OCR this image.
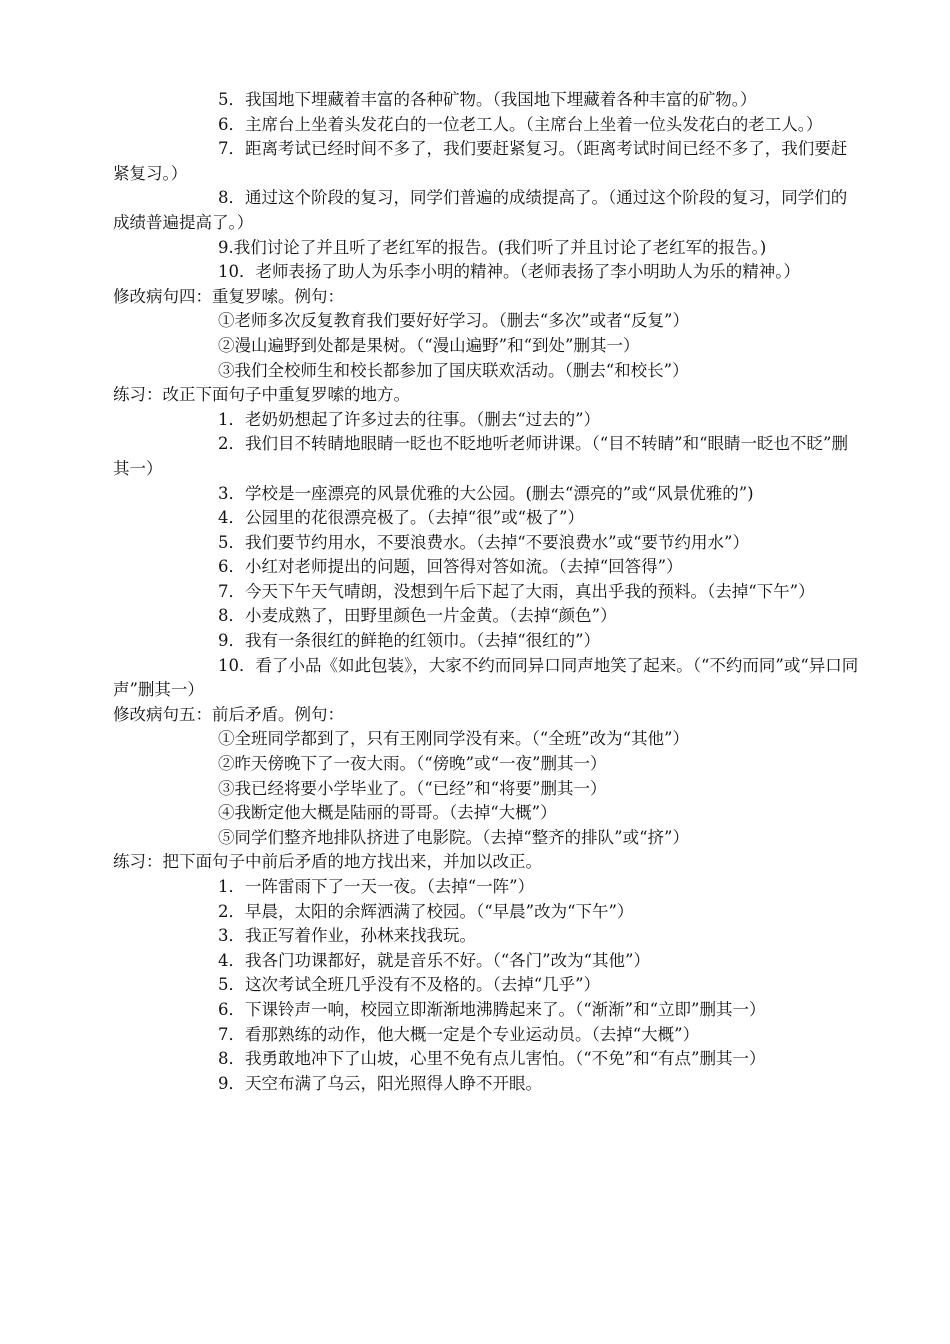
5．我国地下埋藏着丰富的各种矿物。（我国地下埋藏着各种丰富的矿物。）

6．主席台上坐着头发花白的一位老工人。（主席台上坐着一位头发花白的老工人。）

7．距离考试已经时间不多了，我们要赶紧复习。（距离考试时间已经不多了，我们要赶紧复习。）

8．通过这个阶段的复习，同学们普遍的成绩提高了。（通过这个阶段的复习，同学们的成绩普遍提高了。）

9.我们讨论了并且听了老红军的报告。(我们听了并且讨论了老红军的报告。)

10．老师表扬了助人为乐李小明的精神。（老师表扬了李小明助人为乐的精神。）

修改病句四：重复罗嗦。例句：

①老师多次反复教育我们要好好学习。（删去“多次”或者“反复”）

②漫山遍野到处都是果树。（“漫山遍野”和“到处”删其一）

③我们全校师生和校长都参加了国庆联欢活动。（删去“和校长”）

练习：改正下面句子中重复罗嗦的地方。

1．老奶奶想起了许多过去的往事。（删去“过去的”）

2．我们目不转睛地眼睛一眨也不眨地听老师讲课。（“目不转睛”和“眼睛一眨也不眨”删其一）

3．学校是一座漂亮的风景优雅的大公园。(删去“漂亮的”或“风景优雅的”)

4．公园里的花很漂亮极了。（去掉“很”或“极了”）

5．我们要节约用水，不要浪费水。（去掉“不要浪费水”或“要节约用水”）

6．小红对老师提出的问题，回答得对答如流。（去掉“回答得”）

7．今天下午天气晴朗，没想到午后下起了大雨，真出乎我的预料。（去掉“下午”）

8．小麦成熟了，田野里颜色一片金黄。（去掉“颜色”）

9．我有一条很红的鲜艳的红领巾。（去掉“很红的”）

10．看了小品《如此包装》，大家不约而同异口同声地笑了起来。（“不约而同”或“异口同声”删其一）

修改病句五：前后矛盾。例句：

①全班同学都到了，只有王刚同学没有来。（“全班”改为“其他”）

②昨天傍晚下了一夜大雨。（“傍晚”或“一夜”删其一）

③我已经将要小学毕业了。（“已经”和“将要”删其一）

④我断定他大概是陆丽的哥哥。（去掉“大概”）

⑤同学们整齐地排队挤进了电影院。（去掉“整齐的排队”或“挤”）

练习：把下面句子中前后矛盾的地方找出来，并加以改正。

1．一阵雷雨下了一天一夜。（去掉“一阵”）

2．早晨，太阳的余辉洒满了校园。（“早晨”改为“下午”）

3．我正写着作业，孙林来找我玩。

4．我各门功课都好，就是音乐不好。（“各门”改为“其他”）

5．这次考试全班几乎没有不及格的。（去掉“几乎”）

6．下课铃声一响，校园立即渐渐地沸腾起来了。（“渐渐”和“立即”删其一）

7．看那熟练的动作，他大概一定是个专业运动员。（去掉“大概”）

8．我勇敢地冲下了山坡，心里不免有点儿害怕。（“不免”和“有点”删其一）

9．天空布满了乌云，阳光照得人睁不开眼。
